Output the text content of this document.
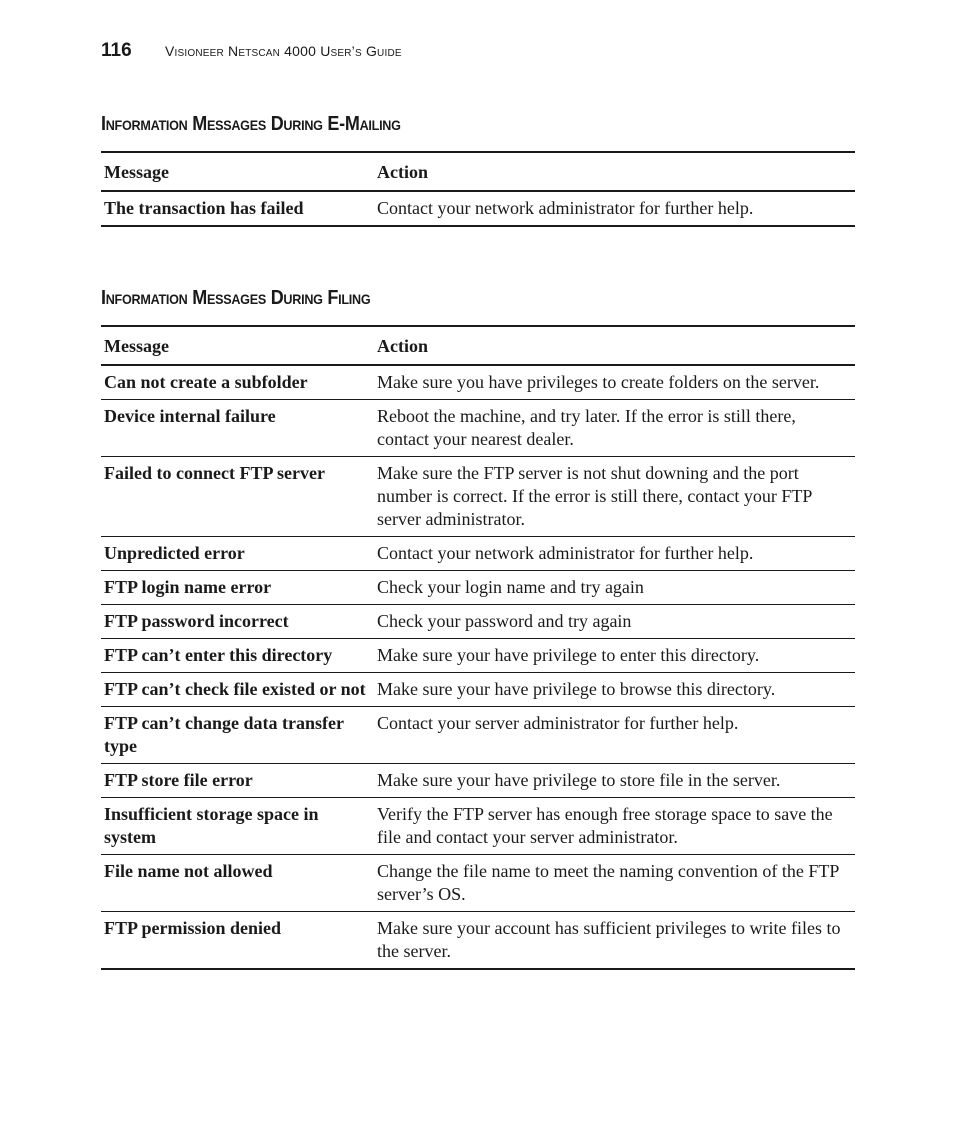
116 Visioneer Netscan 4000 User’s Guide
Information Messages During E-Mailing
Message	Action
The transaction has failed	Contact your network administrator for further help.
Information Messages During Filing
Message	Action
Can not create a subfolder	Make sure you have privileges to create folders on the server.
Device internal failure	Reboot the machine, and try later. If the error is still there, contact your nearest dealer.
Failed to connect FTP server	Make sure the FTP server is not shut downing and the port number is correct. If the error is still there, contact your FTP server administrator.
Unpredicted error	Contact your network administrator for further help.
FTP login name error	Check your login name and try again
FTP password incorrect	Check your password and try again
FTP can’t enter this directory	Make sure your have privilege to enter this directory.
FTP can’t check file existed or not	Make sure your have privilege to browse this directory.
FTP can’t change data transfer type	Contact your server administrator for further help.
FTP store file error	Make sure your have privilege to store file in the server.
Insufficient storage space in system	Verify the FTP server has enough free storage space to save the file and contact your server administrator.
File name not allowed	Change the file name to meet the naming convention of the FTP server’s OS.
FTP permission denied	Make sure your account has sufficient privileges to write files to the server.
